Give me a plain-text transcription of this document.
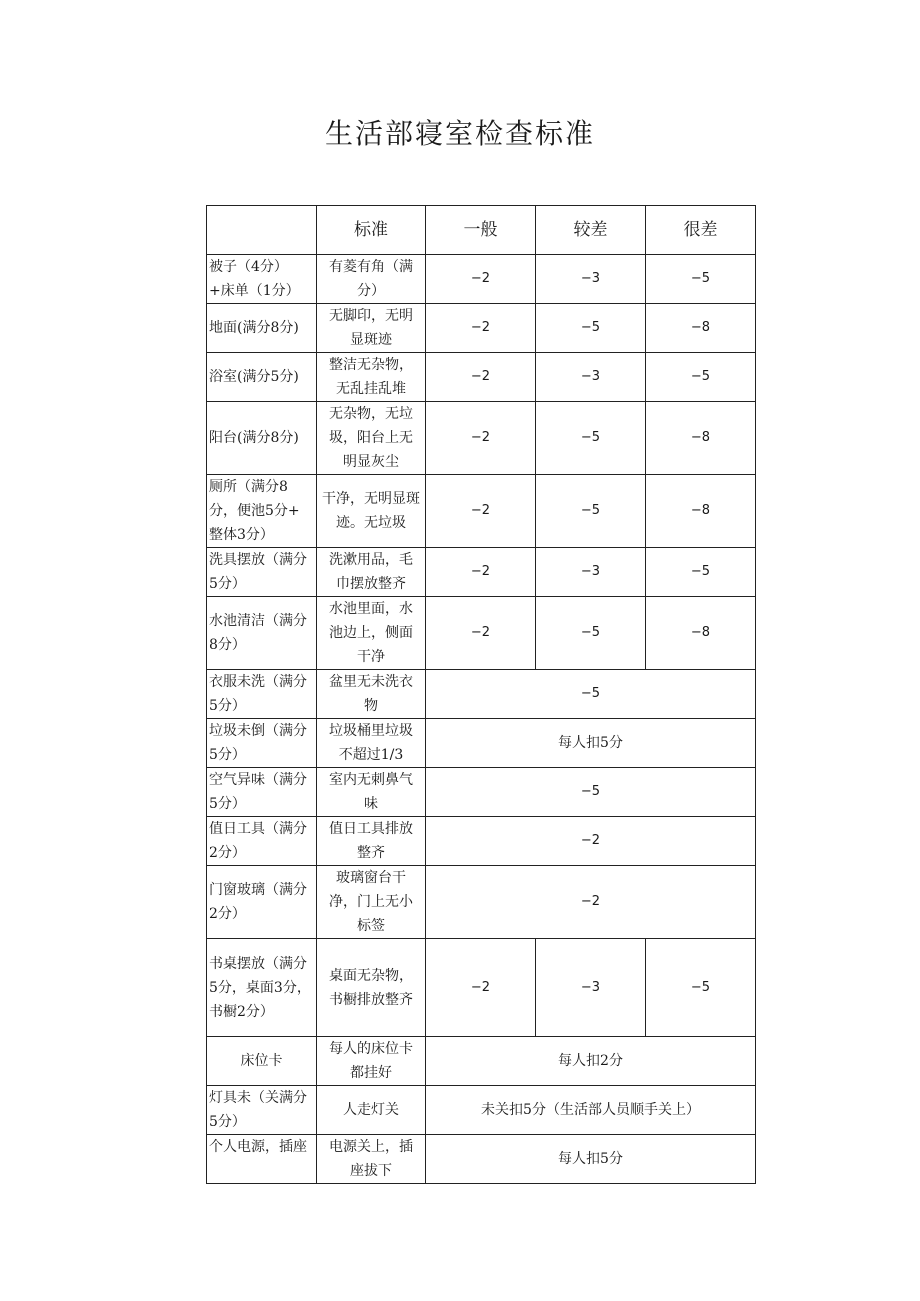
生活部寝室检查标准
	标准	一般	较差	很差

被子（4分）
+床单（1分）	有菱有角（满
分）	−2	−3	−5

地面(满分8分)	无脚印，无明
显斑迹	−2	−5	−8

浴室(满分5分)	整洁无杂物，
无乱挂乱堆	−2	−3	−5

阳台(满分8分)	无杂物，无垃
圾，阳台上无
明显灰尘	−2	−5	−8

厕所（满分8
分，便池5分+
整体3分）	干净，无明显斑
迹。无垃圾	−2	−5	−8

洗具摆放（满分
5分）	洗漱用品，毛
巾摆放整齐	−2	−3	−5

水池清洁（满分
8分）	水池里面，水
池边上，侧面
干净	−2	−5	−8

衣服未洗（满分
5分）	盆里无未洗衣
物	−5		

垃圾未倒（满分
5分）	垃圾桶里垃圾
不超过1/3	每人扣5分		

空气异味（满分
5分）	室内无刺鼻气
味	−5		

值日工具（满分
2分）	值日工具排放
整齐	−2		

门窗玻璃（满分
2分）	玻璃窗台干
净，门上无小
标签	−2		

书桌摆放（满分
5分，桌面3分，
书橱2分）	桌面无杂物，
书橱排放整齐	−2	−3	−5

床位卡	每人的床位卡
都挂好	每人扣2分		

灯具未（关满分
5分）	人走灯关	未关扣5分（生活部人员顺手关上）		

个人电源，插座	电源关上，插
座拔下	每人扣5分		
